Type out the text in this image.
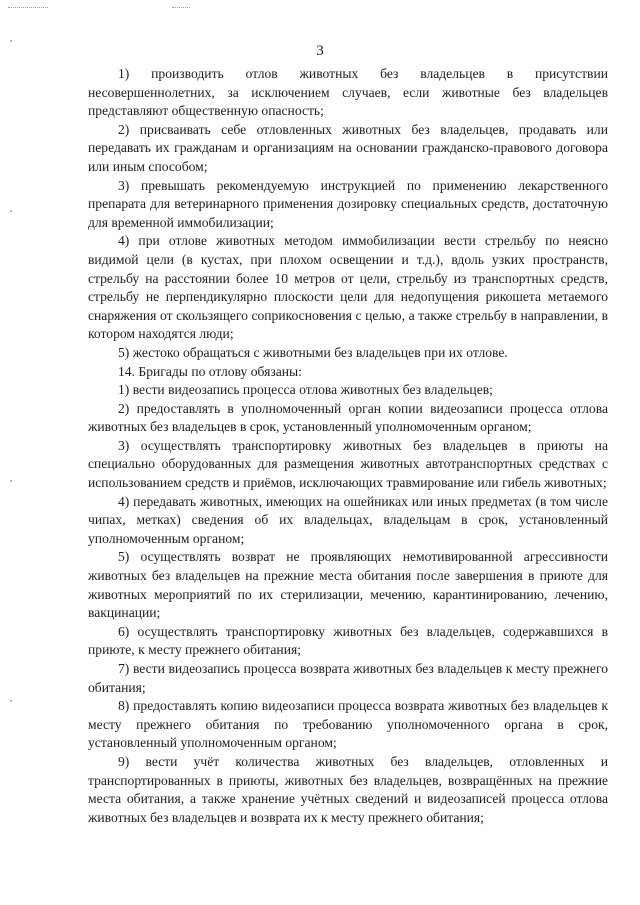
3

1) производить отлов животных без владельцев в присутствии несовершеннолетних, за исключением случаев, если животные без владельцев представляют общественную опасность;

2) присваивать себе отловленных животных без владельцев, продавать или передавать их гражданам и организациям на основании гражданско-правового договора или иным способом;

3) превышать рекомендуемую инструкцией по применению лекарственного препарата для ветеринарного применения дозировку специальных средств, достаточную для временной иммобилизации;

4) при отлове животных методом иммобилизации вести стрельбу по неясно видимой цели (в кустах, при плохом освещении и т.д.), вдоль узких пространств, стрельбу на расстоянии более 10 метров от цели, стрельбу из транспортных средств, стрельбу не перпендикулярно плоскости цели для недопущения рикошета метаемого снаряжения от скользящего соприкосновения с целью, а также стрельбу в направлении, в котором находятся люди;

5) жестоко обращаться с животными без владельцев при их отлове.

14. Бригады по отлову обязаны:

1) вести видеозапись процесса отлова животных без владельцев;

2) предоставлять в уполномоченный орган копии видеозаписи процесса отлова животных без владельцев в срок, установленный уполномоченным органом;

3) осуществлять транспортировку животных без владельцев в приюты на специально оборудованных для размещения животных автотранспортных средствах с использованием средств и приёмов, исключающих травмирование или гибель животных;

4) передавать животных, имеющих на ошейниках или иных предметах (в том числе чипах, метках) сведения об их владельцах, владельцам в срок, установленный уполномоченным органом;

5) осуществлять возврат не проявляющих немотивированной агрессивности животных без владельцев на прежние места обитания после завершения в приюте для животных мероприятий по их стерилизации, мечению, карантинированию, лечению, вакцинации;

6) осуществлять транспортировку животных без владельцев, содержавшихся в приюте, к месту прежнего обитания;

7) вести видеозапись процесса возврата животных без владельцев к месту прежнего обитания;

8) предоставлять копию видеозаписи процесса возврата животных без владельцев к месту прежнего обитания по требованию уполномоченного органа в срок, установленный уполномоченным органом;

9) вести учёт количества животных без владельцев, отловленных и транспортированных в приюты, животных без владельцев, возвращённых на прежние места обитания, а также хранение учётных сведений и видеозаписей процесса отлова животных без владельцев и возврата их к месту прежнего обитания;
